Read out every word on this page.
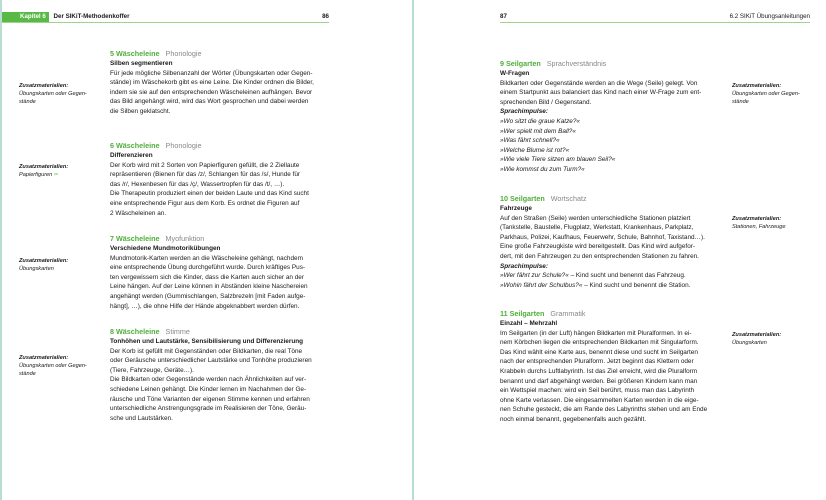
Kapitel 6 Der SIKiT-Methodenkoffer	86
5 Wäscheleine Phonologie
Silben segmentieren
Für jede mögliche Silbenanzahl der Wörter (Übungskarten oder Gegen-
stände) im Wäschekorb gibt es eine Leine. Die Kinder ordnen die Bilder,
indem sie sie auf den entsprechenden Wäscheleinen aufhängen. Bevor
das Bild angehängt wird, wird das Wort gesprochen und dabei werden
die Silben geklatscht.
Zusatzmaterialien:
Übungskarten oder Gegen-stände
6 Wäscheleine Phonologie
Differenzieren
Der Korb wird mit 2 Sorten von Papierfiguren gefüllt, die 2 Ziellaute
repräsentieren (Bienen für das /z/, Schlangen für das /s/, Hunde für
das /r/, Hexenbesen für das /ç/, Wassertropfen für das /t/, …).
Die Therapeutin produziert einen der beiden Laute und das Kind sucht
eine entsprechende Figur aus dem Korb. Es ordnet die Figuren auf
2 Wäscheleinen an.
Zusatzmaterialien:
Papierfiguren ✂
7 Wäscheleine Myofunktion
Verschiedene Mundmotorikübungen
Mundmotorik-Karten werden an die Wäscheleine gehängt, nachdem
eine entsprechende Übung durchgeführt wurde. Durch kräftiges Pus-
ten vergewissern sich die Kinder, dass die Karten auch sicher an der
Leine hängen. Auf der Leine können in Abständen kleine Naschereien
angehängt werden (Gummischlangen, Salzbrezeln [mit Faden aufge-
hängt], …), die ohne Hilfe der Hände abgeknabbert werden dürfen.
Zusatzmaterialien:
Übungskarten
8 Wäscheleine Stimme
Tonhöhen und Lautstärke, Sensibilisierung und Differenzierung
Der Korb ist gefüllt mit Gegenständen oder Bildkarten, die real Töne
oder Geräusche unterschiedlicher Lautstärke und Tonhöhe produzieren
(Tiere, Fahrzeuge, Geräte…).
Die Bildkarten oder Gegenstände werden nach Ähnlichkeiten auf ver-
schiedene Leinen gehängt. Die Kinder lernen im Nachahmen der Ge-
räusche und Töne Varianten der eigenen Stimme kennen und erfahren
unterschiedliche Anstrengungsgrade im Realisieren der Töne, Geräu-
sche und Lautstärken.
Zusatzmaterialien:
Übungskarten oder Gegen-stände
87	6.2 SIKiT Übungsanleitungen
9 Seilgarten Sprachverständnis
W-Fragen
Bildkarten oder Gegenstände werden an die Wege (Seile) gelegt. Von
einem Startpunkt aus balanciert das Kind nach einer W-Frage zum ent-
sprechenden Bild / Gegenstand.
Sprachimpulse:
»Wo sitzt die graue Katze?«
»Wer spielt mit dem Ball?«
»Was fährt schnell?«
»Welche Blume ist rot?«
»Wie viele Tiere sitzen am blauen Seil?«
»Wie kommst du zum Turm?«
Zusatzmaterialien:
Übungskarten oder Gegen-stände
10 Seilgarten Wortschatz
Fahrzeuge
Auf den Straßen (Seile) werden unterschiedliche Stationen platziert
(Tankstelle, Baustelle, Flugplatz, Werkstatt, Krankenhaus, Parkplatz,
Parkhaus, Polizei, Kaufhaus, Feuerwehr, Schule, Bahnhof, Taxistand…).
Eine große Fahrzeugkiste wird bereitgestellt. Das Kind wird aufgefor-
dert, mit den Fahrzeugen zu den entsprechenden Stationen zu fahren.
Sprachimpulse:
»Wer fährt zur Schule?« – Kind sucht und benennt das Fahrzeug.
»Wohin fährt der Schulbus?« – Kind sucht und benennt die Station.
Zusatzmaterialien:
Stationen, Fahrzeuge
11 Seilgarten Grammatik
Einzahl – Mehrzahl
Im Seilgarten (in der Luft) hängen Bildkarten mit Pluralformen. In ei-
nem Körbchen liegen die entsprechenden Bildkarten mit Singularform.
Das Kind wählt eine Karte aus, benennt diese und sucht im Seilgarten
nach der entsprechenden Pluralform. Jetzt beginnt das Klettern oder
Krabbeln durchs Luftlabyrinth. Ist das Ziel erreicht, wird die Pluralform
benannt und darf abgehängt werden. Bei größeren Kindern kann man
ein Wettspiel machen: wird ein Seil berührt, muss man das Labyrinth
ohne Karte verlassen. Die eingesammelten Karten werden in die eige-
nen Schuhe gesteckt, die am Rande des Labyrinths stehen und am Ende
noch einmal benannt, gegebenenfalls auch gezählt.
Zusatzmaterialien:
Übungskarten
